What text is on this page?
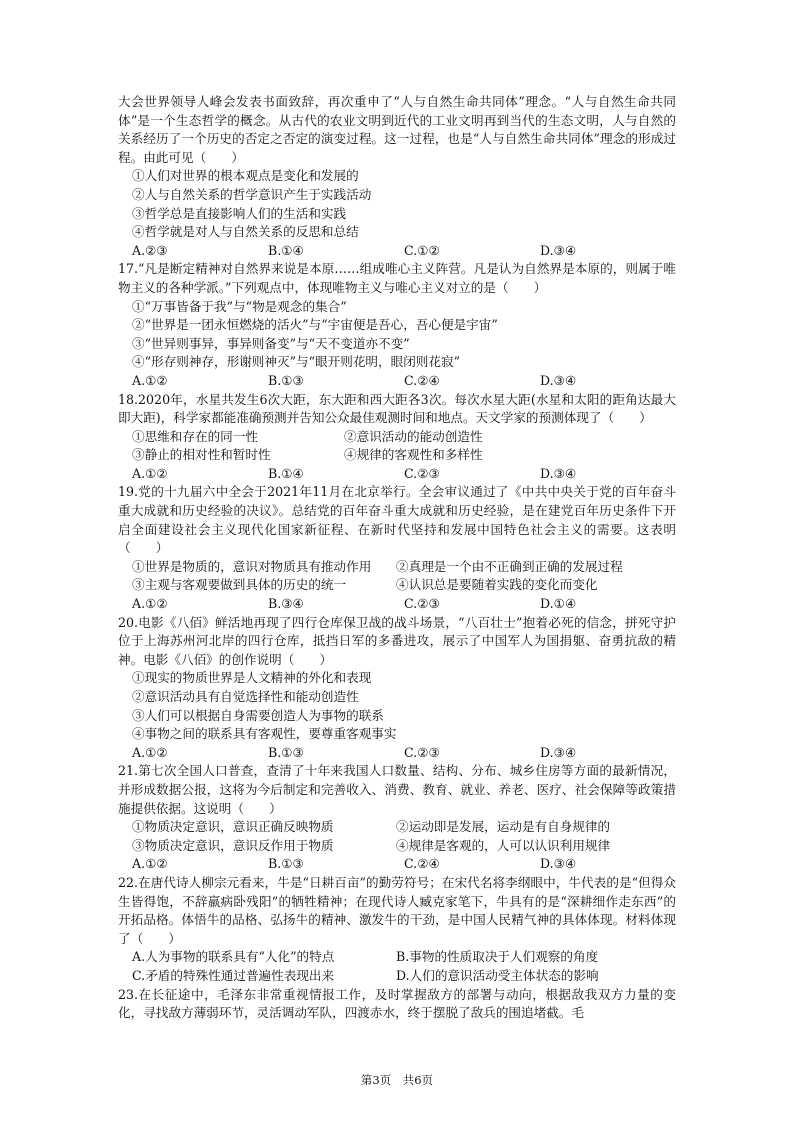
大会世界领导人峰会发表书面致辞，再次重申了“人与自然生命共同体”理念。“人与自然生命共同体”是一个生态哲学的概念。从古代的农业文明到近代的工业文明再到当代的生态文明，人与自然的关系经历了一个历史的否定之否定的演变过程。这一过程，也是“人与自然生命共同体”理念的形成过程。由此可见（　　）

①人们对世界的根本观点是变化和发展的

②人与自然关系的哲学意识产生于实践活动

③哲学总是直接影响人们的生活和实践

④哲学就是对人与自然关系的反思和总结

A.②③	B.①④	C.①②	D.③④

17.“凡是断定精神对自然界来说是本原……组成唯心主义阵营。凡是认为自然界是本原的，则属于唯物主义的各种学派。”下列观点中，体现唯物主义与唯心主义对立的是（　　）

①“万事皆备于我”与“物是观念的集合”

②“世界是一团永恒燃烧的活火”与“宇宙便是吾心，吾心便是宇宙”

③“世异则事异，事异则备变”与“天不变道亦不变”

④“形存则神存，形谢则神灭”与“眼开则花明，眼闭则花寂”

A.①②	B.①③	C.②④	D.③④

18.2020年，水星共发生6次大距，东大距和西大距各3次。每次水星大距(水星和太阳的距角达最大即大距)，科学家都能准确预测并告知公众最佳观测时间和地点。天文学家的预测体现了（　　）

①思维和存在的同一性	②意识活动的能动创造性
③静止的相对性和暂时性	④规律的客观性和多样性
A.①②	B.①④	C.②③	D.③④

19.党的十九届六中全会于2021年11月在北京举行。全会审议通过了《中共中央关于党的百年奋斗重大成就和历史经验的决议》。总结党的百年奋斗重大成就和历史经验，是在建党百年历史条件下开启全面建设社会主义现代化国家新征程、在新时代坚持和发展中国特色社会主义的需要。这表明（　　）

①世界是物质的，意识对物质具有推动作用	②真理是一个由不正确到正确的发展过程
③主观与客观要做到具体的历史的统一	④认识总是要随着实践的变化而变化
A.①②	B.③④	C.②③	D.①④

20.电影《八佰》鲜活地再现了四行仓库保卫战的战斗场景，“八百壮士”抱着必死的信念，拼死守护位于上海苏州河北岸的四行仓库，抵挡日军的多番进攻，展示了中国军人为国捐躯、奋勇抗敌的精神。电影《八佰》的创作说明（　　）

①现实的物质世界是人文精神的外化和表现

②意识活动具有自觉选择性和能动创造性

③人们可以根据自身需要创造人为事物的联系

④事物之间的联系具有客观性，要尊重客观事实

A.①②	B.①③	C.②③	D.③④

21.第七次全国人口普查，查清了十年来我国人口数量、结构、分布、城乡住房等方面的最新情况，并形成数据公报，这将为今后制定和完善收入、消费、教育、就业、养老、医疗、社会保障等政策措施提供依据。这说明（　　）

①物质决定意识，意识正确反映物质	②运动即是发展，运动是有自身规律的
③物质决定意识，意识反作用于物质	④规律是客观的，人可以认识利用规律
A.①②	B.①③	C.②④	D.③④

22.在唐代诗人柳宗元看来，牛是“日耕百亩”的勤劳符号；在宋代名将李纲眼中，牛代表的是“但得众生皆得饱，不辞羸病卧残阳”的牺牲精神；在现代诗人臧克家笔下，牛具有的是“深耕细作走东西”的开拓品格。体悟牛的品格、弘扬牛的精神、激发牛的干劲，是中国人民精气神的具体体现。材料体现了（　　）

A.人为事物的联系具有“人化”的特点	B.事物的性质取决于人们观察的角度
C.矛盾的特殊性通过普遍性表现出来	D.人们的意识活动受主体状态的影响

23.在长征途中，毛泽东非常重视情报工作，及时掌握敌方的部署与动向，根据敌我双方力量的变化，寻找敌方薄弱环节，灵活调动军队，四渡赤水，终于摆脱了敌兵的围追堵截。毛

第3页　共6页
